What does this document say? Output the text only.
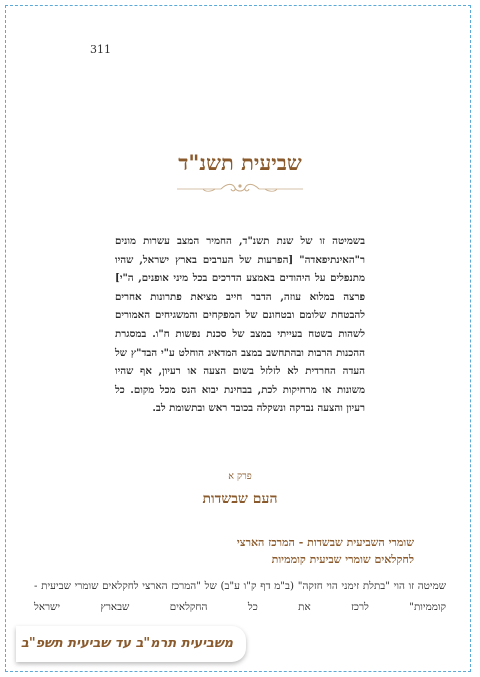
311
שביעית תשנ"ד
בשמיטה זו של שנת תשנ"ד, החמיר המצב עשרות מונים ר"האינתיפאדה" [הפרעות של הערבים בארץ ישראל, שהיו מתנפלים על היהודים באמצע הדרכים בכל מיני אופנים, ה"י] פרצה במלוא עוזה, הדבר חייב מציאת פתרונות אחרים להבטחת שלומם ובטחונם של המפקחים והמשגיחים האמורים לשהות בשטח בעייתי במצב של סכנת נפשות ח"ו. במסגרת ההכנות הרבות ובהתחשב במצב המדאיג הוחלט ע"י הבד"ץ של העדה החרדית לא לזלזל בשום הצעה או רעיון, אף שהיו משונות או מרחיקות לכת, בבחינת יבוא הנס מכל מקום. כל רעיון והצעה נבדקה ונשקלה בכובד ראש ובתשומת לב.
פרק א
העם שבשדות
שומרי השביעית שבשדות - המרכז הארצי
לחקלאים שומרי שביעית קוממיות
שמיטה זו הוי "בתלת זימני הוי חזקה" (ב"מ דף ק"ו ע"ב) של "המרכז הארצי לחקלאים שומרי שביעית - קוממיות" לרכז את כל החקלאים שבארץ ישראל
משביעית תרמ"ב עד שביעית תשפ"ב
